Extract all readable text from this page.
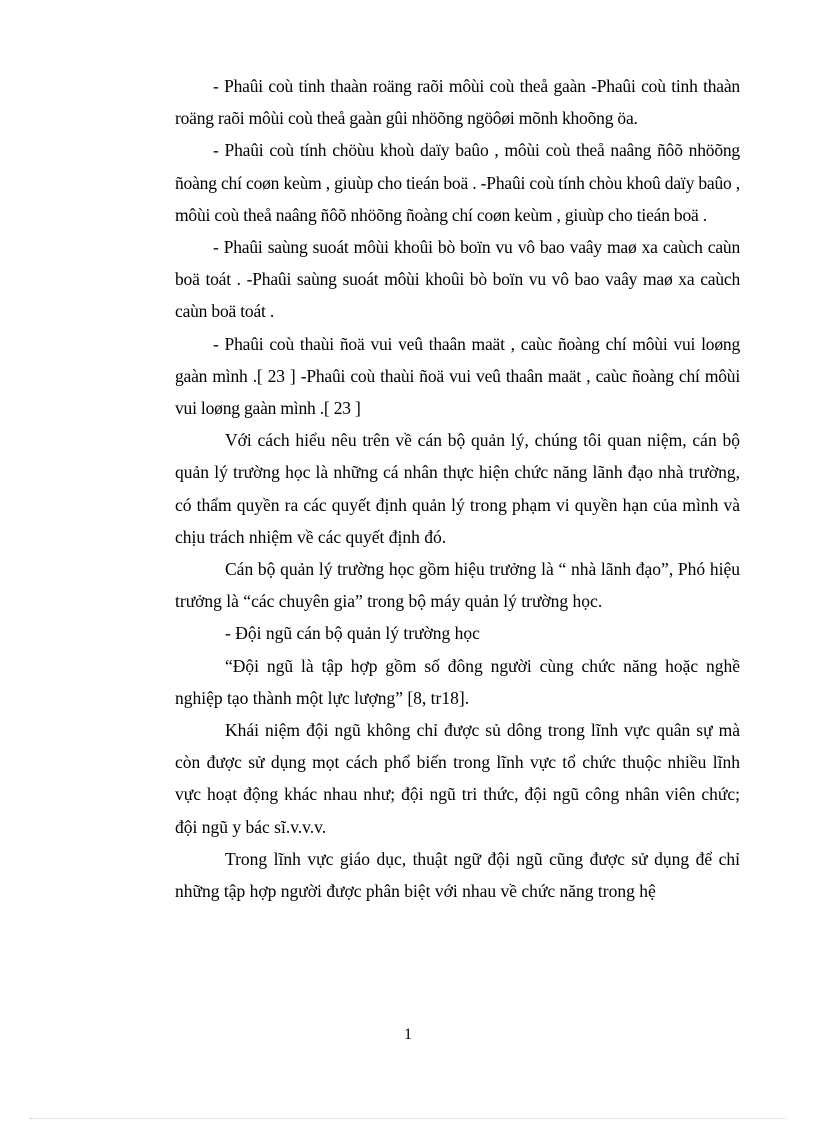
- Phaûi coù tinh thaàn roäng raõi môùi coù theå gaàn -Phaûi coù tinh thaàn roäng raõi môùi coù theå gaàn gûi nhöõng ngöôøi mõnh khoõng öa.

- Phaûi coù tính chöùu khoù daïy baûo , môùi coù theå naâng ñôõ nhöõng ñoàng chí coøn keùm , giuùp cho tieán boä . -Phaûi coù tính chòu khoû daïy baûo , môùi coù theå naâng ñôõ nhöõng ñoàng chí coøn keùm , giuùp cho tieán boä .

- Phaûi saùng suoát môùi khoûi bò boïn vu vô bao vaây maø xa caùch caùn boä toát . -Phaûi saùng suoát môùi khoûi bò boïn vu vô bao vaây maø xa caùch caùn boä toát .

- Phaûi coù thaùi ñoä vui veû thaân maät , caùc ñoàng chí môùi vui loøng gaàn mình .[ 23 ] -Phaûi coù thaùi ñoä vui veû thaân maät , caùc ñoàng chí môùi vui loøng gaàn mình .[ 23 ]

Với cách hiểu nêu trên về cán bộ quản lý, chúng tôi quan niệm, cán bộ quản lý trường học là những cá nhân thực hiện chức năng lãnh đạo nhà trường, có thẩm quyền ra các quyết định quản lý trong phạm vi quyền hạn của mình và chịu trách nhiệm về các quyết định đó.

Cán bộ quản lý trường học gồm hiệu trưởng là “ nhà lãnh đạo”, Phó hiệu trưởng là “các chuyên gia” trong bộ máy quản lý trường học.

- Đội ngũ cán bộ quản lý trường học

“Đội ngũ là tập hợp gồm số đông người cùng chức năng hoặc nghề nghiệp tạo thành một lực lượng” [8, tr18].

Khái niệm đội ngũ không chỉ được sủ dông trong lĩnh vực quân sự mà còn được sử dụng mọt cách phổ biến trong lĩnh vực tổ chức thuộc nhiều lĩnh vực hoạt động khác nhau như; đội ngũ tri thức, đội ngũ công nhân viên chức; đội ngũ y bác sĩ.v.v.v.

Trong lĩnh vực giáo dục, thuật ngữ đội ngũ cũng được sử dụng để chỉ những tập hợp người được phân biệt với nhau về chức năng trong hệ

1
